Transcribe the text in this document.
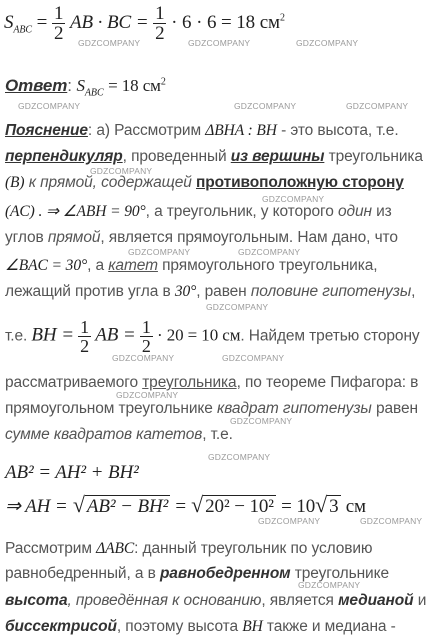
$S_{ABC} = \frac{1}{2}$ AB · BC = $\frac{1}{2} \cdot 6 \cdot 6 = 18$ $см^2$
GDZCOMPANY	GDZCOMPANY	GDZCOMPANY
Ответ: $S_{ABC} = 18$ $см^2$
GDZCOMPANY	GDZCOMPANY	GDZCOMPANY
Пояснение: а) Рассмотрим ΔBHA : BH - это высота, т.е.
перпендикуляр, проведенный из вершины треугольника
GDZCOMPANY
(B) к прямой, содержащей противоположную сторону
GDZCOMPANY
(AC) . ⇒ ∠ABH = 90°, а треугольник, у которого один из
углов прямой, является прямоугольным. Нам дано, что
GDZCOMPANY	GDZCOMPANY
∠BAC = 30°, а катет прямоугольного треугольника,
лежащий против угла в 30°, равен половине гипотенузы,
GDZCOMPANY
т.е. BH = $\frac{1}{2}$ AB = $\frac{1}{2} \cdot 20 = 10$ см. Найдем третью сторону
GDZCOMPANY	GDZCOMPANY
рассматриваемого треугольника, по теореме Пифагора: в
GDZCOMPANY
прямоугольном треугольнике квадрат гипотенузы равен
GDZCOMPANY
сумме квадратов катетов, т.е.
GDZCOMPANY
AB² = AH² + BH²
⇒ AH = √ AB² − BH² = √ 20² − 10² = 10√ 3 см
GDZCOMPANY	GDZCOMPANY
Рассмотрим ΔABC: данный треугольник по условию
равнобедренный, а в равнобедренном треугольнике
GDZCOMPANY
высота, проведённая к основанию, является медианой и
биссектрисой, поэтому высота BH также и медиана -
